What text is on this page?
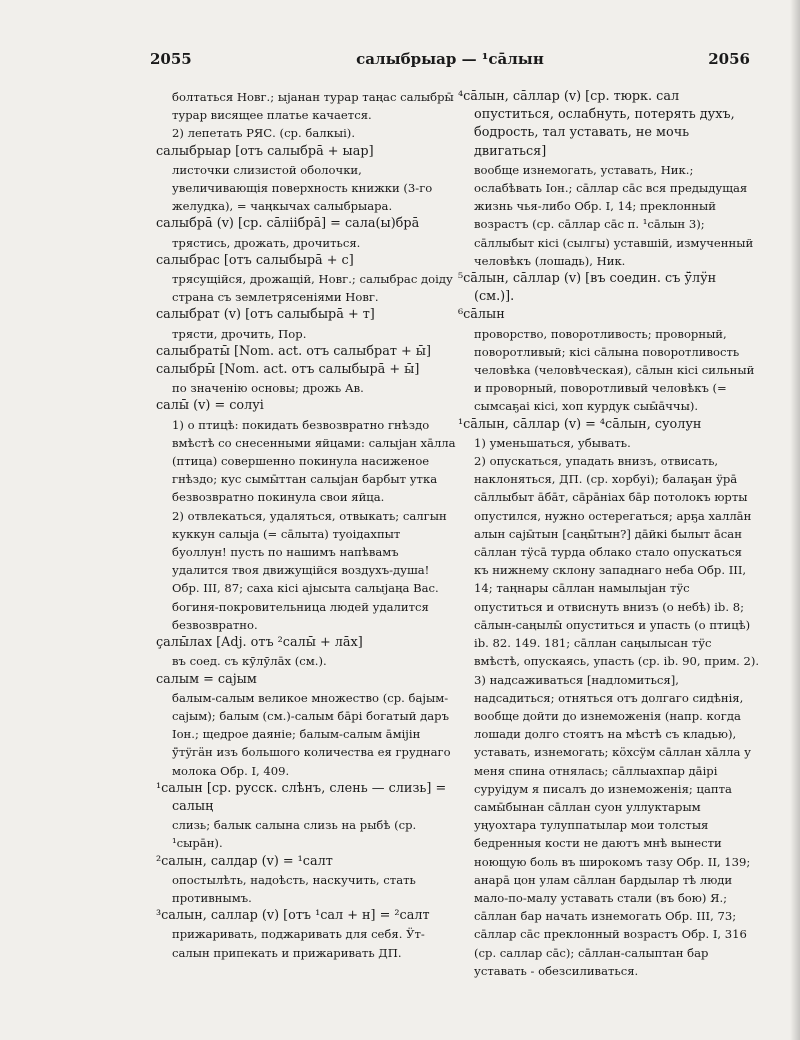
2055	салыбрыар — ¹са̄лын	2056

болтаться Новг.; ыјанан турар таңас салыбры̄ турар висящее платье качается.

2) лепетать РЯС. (ср. балкыі).

салыбрыар [отъ салыбра̄ + ыар]

листочки слизистой оболочки, увеличивающія поверхность книжки (3-го желудка), = чаңкычах салыбрыара.

салыбра̄ (v) [ср. са̄ліібра̄] = сала(ы)бра̄

трястись, дрожать, дрочиться.

салыбрас [отъ салыбыра̄ + с]

трясущійся, дрожащій, Новг.; салыбрас доіду страна съ землетрясеніями Новг.

салыбрат (v) [отъ салыбыра̄ + т]

трясти, дрочить, Пор.

салыбраты̄ [Nom. act. отъ салыбрат + ы̄]

салыбры̄ [Nom. act. отъ салыбыра̄ + ы̄]

по значенію основы; дрожь Ав.

салы̄ (v) = солуі

1) о птицѣ: покидать безвозвратно гнѣздо вмѣстѣ со снесенными яйцами: салыјан ха̄лла (птица) совершенно покинула насиженое гнѣздо; кус сымы̄ттан салыјан барбыт утка безвозвратно покинула свои яйца.

2) отвлекаться, удаляться, отвыкать; салгын куккун салыја (= са̄лыта) туоідахпыт буоллун! пусть по нашимъ напѣвамъ удалится твоя движущійся воздухъ-душа! Обр. III, 87; саха кісі ајысыта салыјаңа Вас. богиня-покровительница людей удалится безвозвратно.

ҫалы̄лах [Adj. отъ ²салы̄ + ла̄х]

въ соед. съ кӯлӯла̄х (см.).

салым = сајым

балым-салым великое множество (ср. бајым-сајым); балым (см.)-салым ба̄рі богатый даръ Іон.; щедрое даяніе; балым-салым а̄міјін ӱ̄тӱгӓн изъ большого количества ея груднаго молока Обр. I, 409.

¹салын [ср. русск. слѣнъ, слень — слизь] = салың

слизь; балык салына слизь на рыбѣ (ср. ¹сыра̄н).

²салын, салдар (v) = ¹салт

опостылѣть, надоѣсть, наскучить, стать противнымъ.

³салын, саллар (v) [отъ ¹сал + н] = ²салт

прижаривать, поджаривать для себя. Ӱт-салын припекать и прижаривать ДП.

⁴са̄лын, са̄ллар (v) [ср. тюрк. сал опуститься, ослабнуть, потерять духъ, бодрость, тал уставать, не мочь двигаться]

вообще изнемогать, уставать, Ник.; ослабѣвать Іон.; са̄ллар са̄с вся предыдущая жизнь чья-либо Обр. I, 14; преклонный возрастъ (ср. са̄ллар са̄с п. ¹са̄лын 3); са̄ллыбыт кісі (сылгы) уставшій, измученный человѣкъ (лошадь), Ник.

⁵са̄лын, са̄ллар (v) [въ соедин. съ ӱ̄лӱн (см.)].

⁶са̄лын

проворство, поворотливость; проворный, поворотливый; кісі са̄лына поворотливость человѣка (человѣческая), са̄лын кісі сильный и проворный, поворотливый человѣкъ (= сымсаҕаі кісі, хоп курдук сыы̄а̄ччы).

¹са̄лын, са̄ллар (v) = ⁴са̄лын, суолун

1) уменьшаться, убывать.

2) опускаться, упадать внизъ, отвисать, наклоняться, ДП. (ср. хорбуі); балаҕан ӱра̄ са̄ллыбыт а̄ба̄т, са̄ра̄ніах ба̄р потолокъ юрты опустился, нужно остерегаться; арҕа халла̄н алын сајы̄тын [саңы̄тын?] да̄йкі былыт а̄сан са̄ллан тӱса̄ турда облако стало опускаться къ нижнему склону западнаго неба Обр. III, 14; таңнары са̄ллан намылыјан тӱс опуститься и отвиснуть внизъ (о небѣ) ib. 8; са̄лын-саңылы̄ опуститься и упасть (о птицѣ) ib. 82. 149. 181; са̄ллан саңылысан тӱс вмѣстѣ, опускаясь, упасть (ср. ib. 90, прим. 2).

3) надсаживаться [надломиться], надсадиться; отняться отъ долгаго сидѣнія, вообще дойти до изнеможенія (напр. когда лошади долго стоятъ на мѣстѣ съ кладью), уставать, изнемогать; кӧхсӱм са̄ллан ха̄лла у меня спина отнялась; са̄ллыахпар да̄ірі суруідум я писалъ до изнеможенія; цапта самы̄бынан са̄ллан суон уллуктарым уңуохтара тулуппатылар мои толстыя бедренныя кости не даютъ мнѣ вынести ноющую боль въ широкомъ тазу Обр. II, 139; анара̄ цон улам са̄ллан бардылар тѣ люди мало-по-малу уставать стали (въ бою) Я.; са̄ллан бар начать изнемогать Обр. III, 73; са̄ллар са̄с преклонный возрастъ Обр. I, 316 (ср. саллар са̄с); са̄ллан-салыптан бар уставать - обезсиливаться.
